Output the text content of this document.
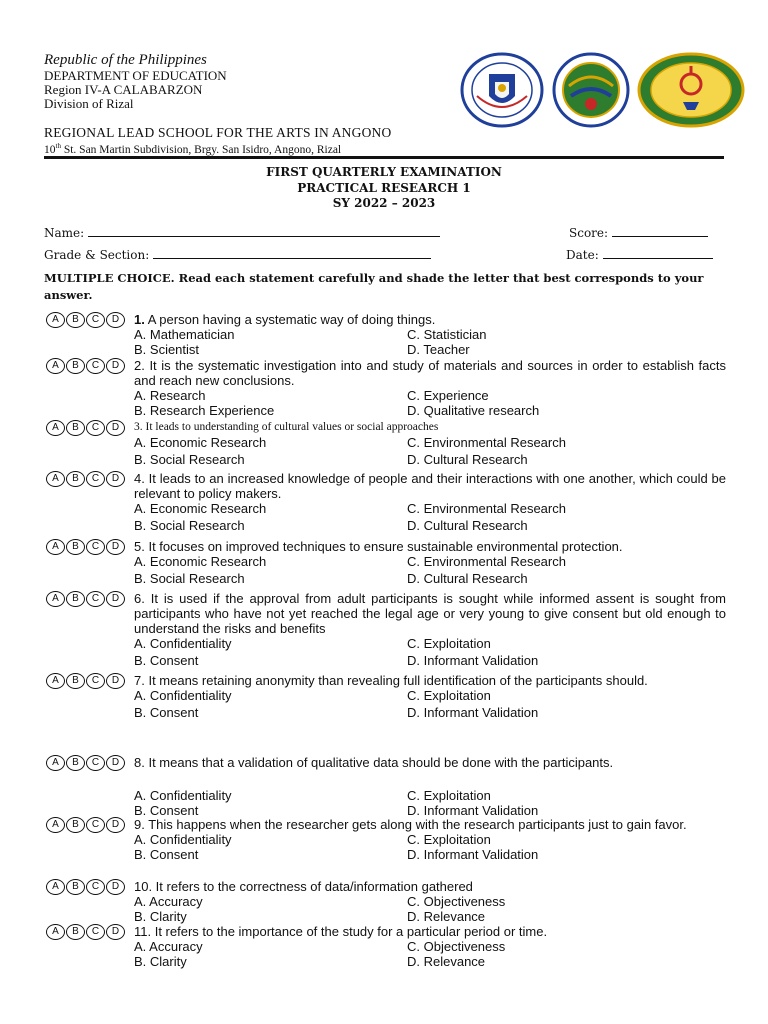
Republic of the Philippines
DEPARTMENT OF EDUCATION
Region IV-A CALABARZON
Division of Rizal
REGIONAL LEAD SCHOOL FOR THE ARTS IN ANGONO
10th St. San Martin Subdivision, Brgy. San Isidro, Angono, Rizal
FIRST QUARTERLY EXAMINATION
PRACTICAL RESEARCH 1
SY 2022 – 2023
Name:	Score:
Grade & Section:	Date:
MULTIPLE CHOICE. Read each statement carefully and shade the letter that best corresponds to your answer.
A	B	C	D	1. A person having a systematic way of doing things.
A. Mathematician	C. Statistician
B. Scientist	D. Teacher
A	B	C	D	2. It is the systematic investigation into and study of materials and sources in order to establish facts and reach new conclusions.
A. Research	C. Experience
B. Research Experience	D. Qualitative research
A	B	C	D	3. It leads to understanding of cultural values or social approaches
A. Economic Research	C. Environmental Research
B. Social Research	D. Cultural Research
A	B	C	D	4. It leads to an increased knowledge of people and their interactions with one another, which could be relevant to policy makers.
A. Economic Research	C. Environmental Research
B. Social Research	D. Cultural Research
A	B	C	D	5. It focuses on improved techniques to ensure sustainable environmental protection.
A. Economic Research	C. Environmental Research
B. Social Research	D. Cultural Research
A	B	C	D	6. It is used if the approval from adult participants is sought while informed assent is sought from participants who have not yet reached the legal age or very young to give consent but old enough to understand the risks and benefits
A. Confidentiality	C. Exploitation
B. Consent	D. Informant Validation
A	B	C	D	7. It means retaining anonymity than revealing full identification of the participants should.
A. Confidentiality	C. Exploitation
B. Consent	D. Informant Validation
A	B	C	D	8. It means that a validation of qualitative data should be done with the participants.
A. Confidentiality	C. Exploitation
B. Consent	D. Informant Validation
A	B	C	D	9. This happens when the researcher gets along with the research participants just to gain favor.
A. Confidentiality	C. Exploitation
B. Consent	D. Informant Validation
A	B	C	D	10. It refers to the correctness of data/information gathered
A. Accuracy	C. Objectiveness
B. Clarity	D. Relevance
A	B	C	D	11. It refers to the importance of the study for a particular period or time.
A. Accuracy	C. Objectiveness
B. Clarity	D. Relevance
